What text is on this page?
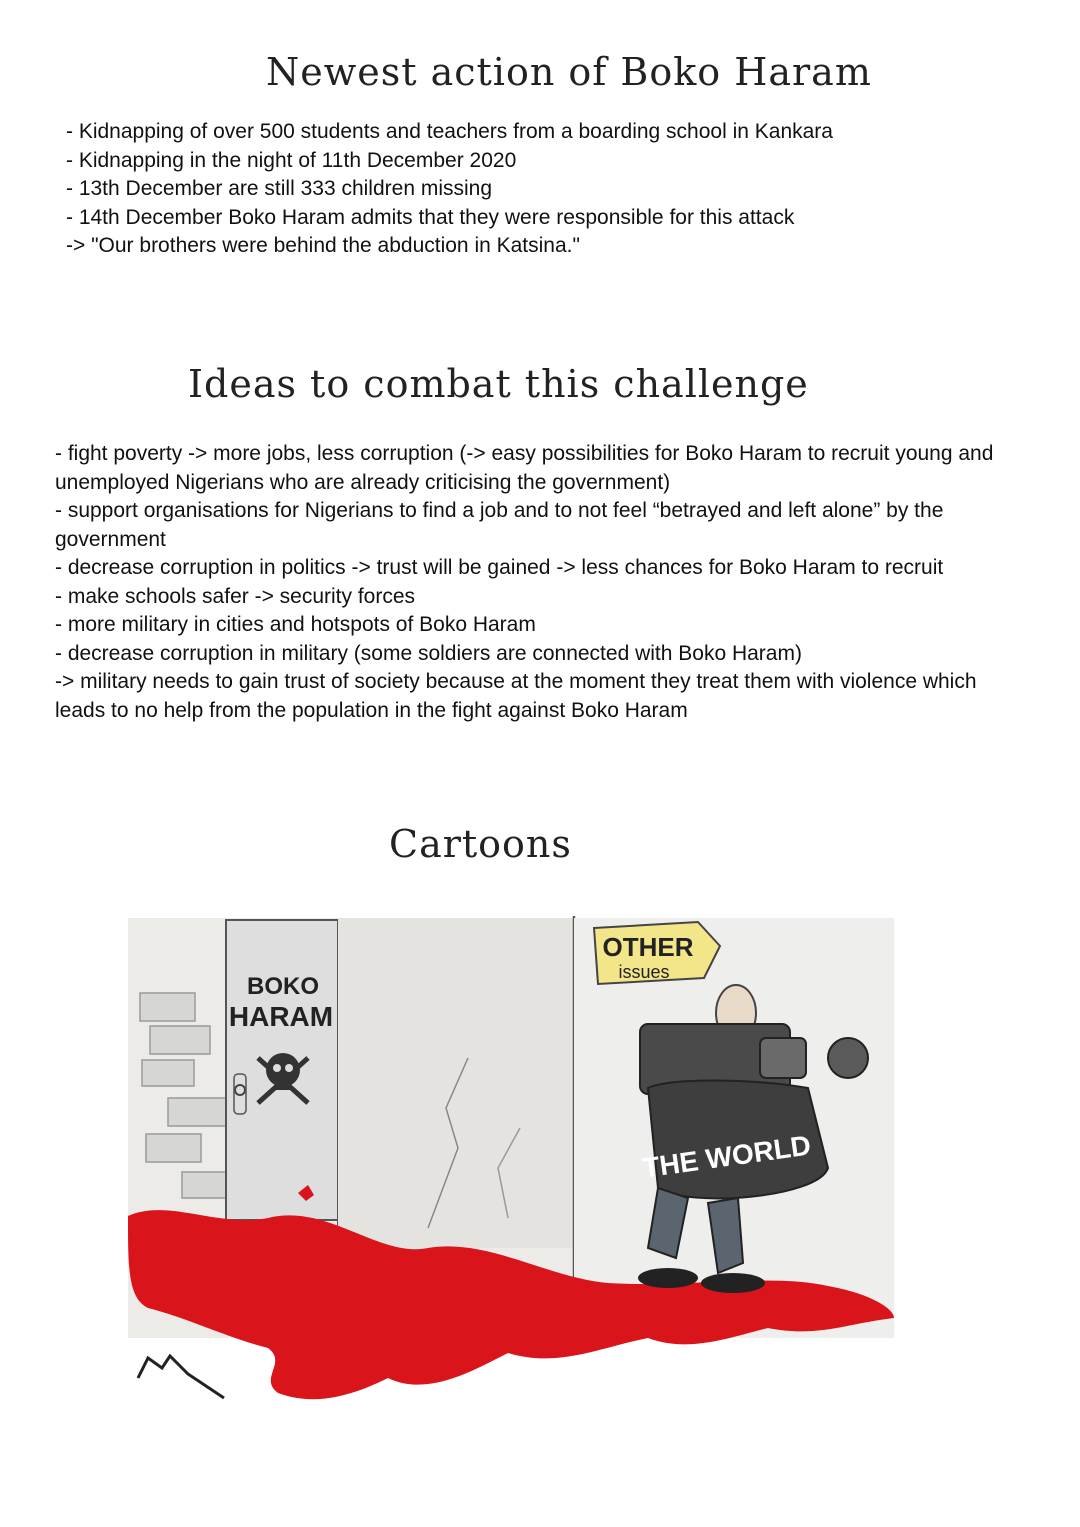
Newest action of Boko Haram
- Kidnapping of over 500 students and teachers from a boarding school in Kankara
- Kidnapping in the night of 11th December 2020
- 13th December are still 333 children missing
- 14th December Boko Haram admits that they were responsible for this attack
-> "Our brothers were behind the abduction in Katsina."
Ideas to combat this challenge
- fight poverty -> more jobs, less corruption (-> easy possibilities for Boko Haram to recruit young and unemployed Nigerians who are already criticising the government)
- support organisations for Nigerians to find a job and to not feel “betrayed and left alone” by the government
- decrease corruption in politics -> trust will be gained -> less chances for Boko Haram to recruit
- make schools safer -> security forces
- more military in cities and hotspots of Boko Haram
- decrease corruption in military (some soldiers are connected with Boko Haram)
-> military needs to gain trust of society because at the moment they treat them with violence which leads to no help from the population in the fight against Boko Haram
Cartoons
BOKO
HARAM
OTHER
issues
THE WORLD
